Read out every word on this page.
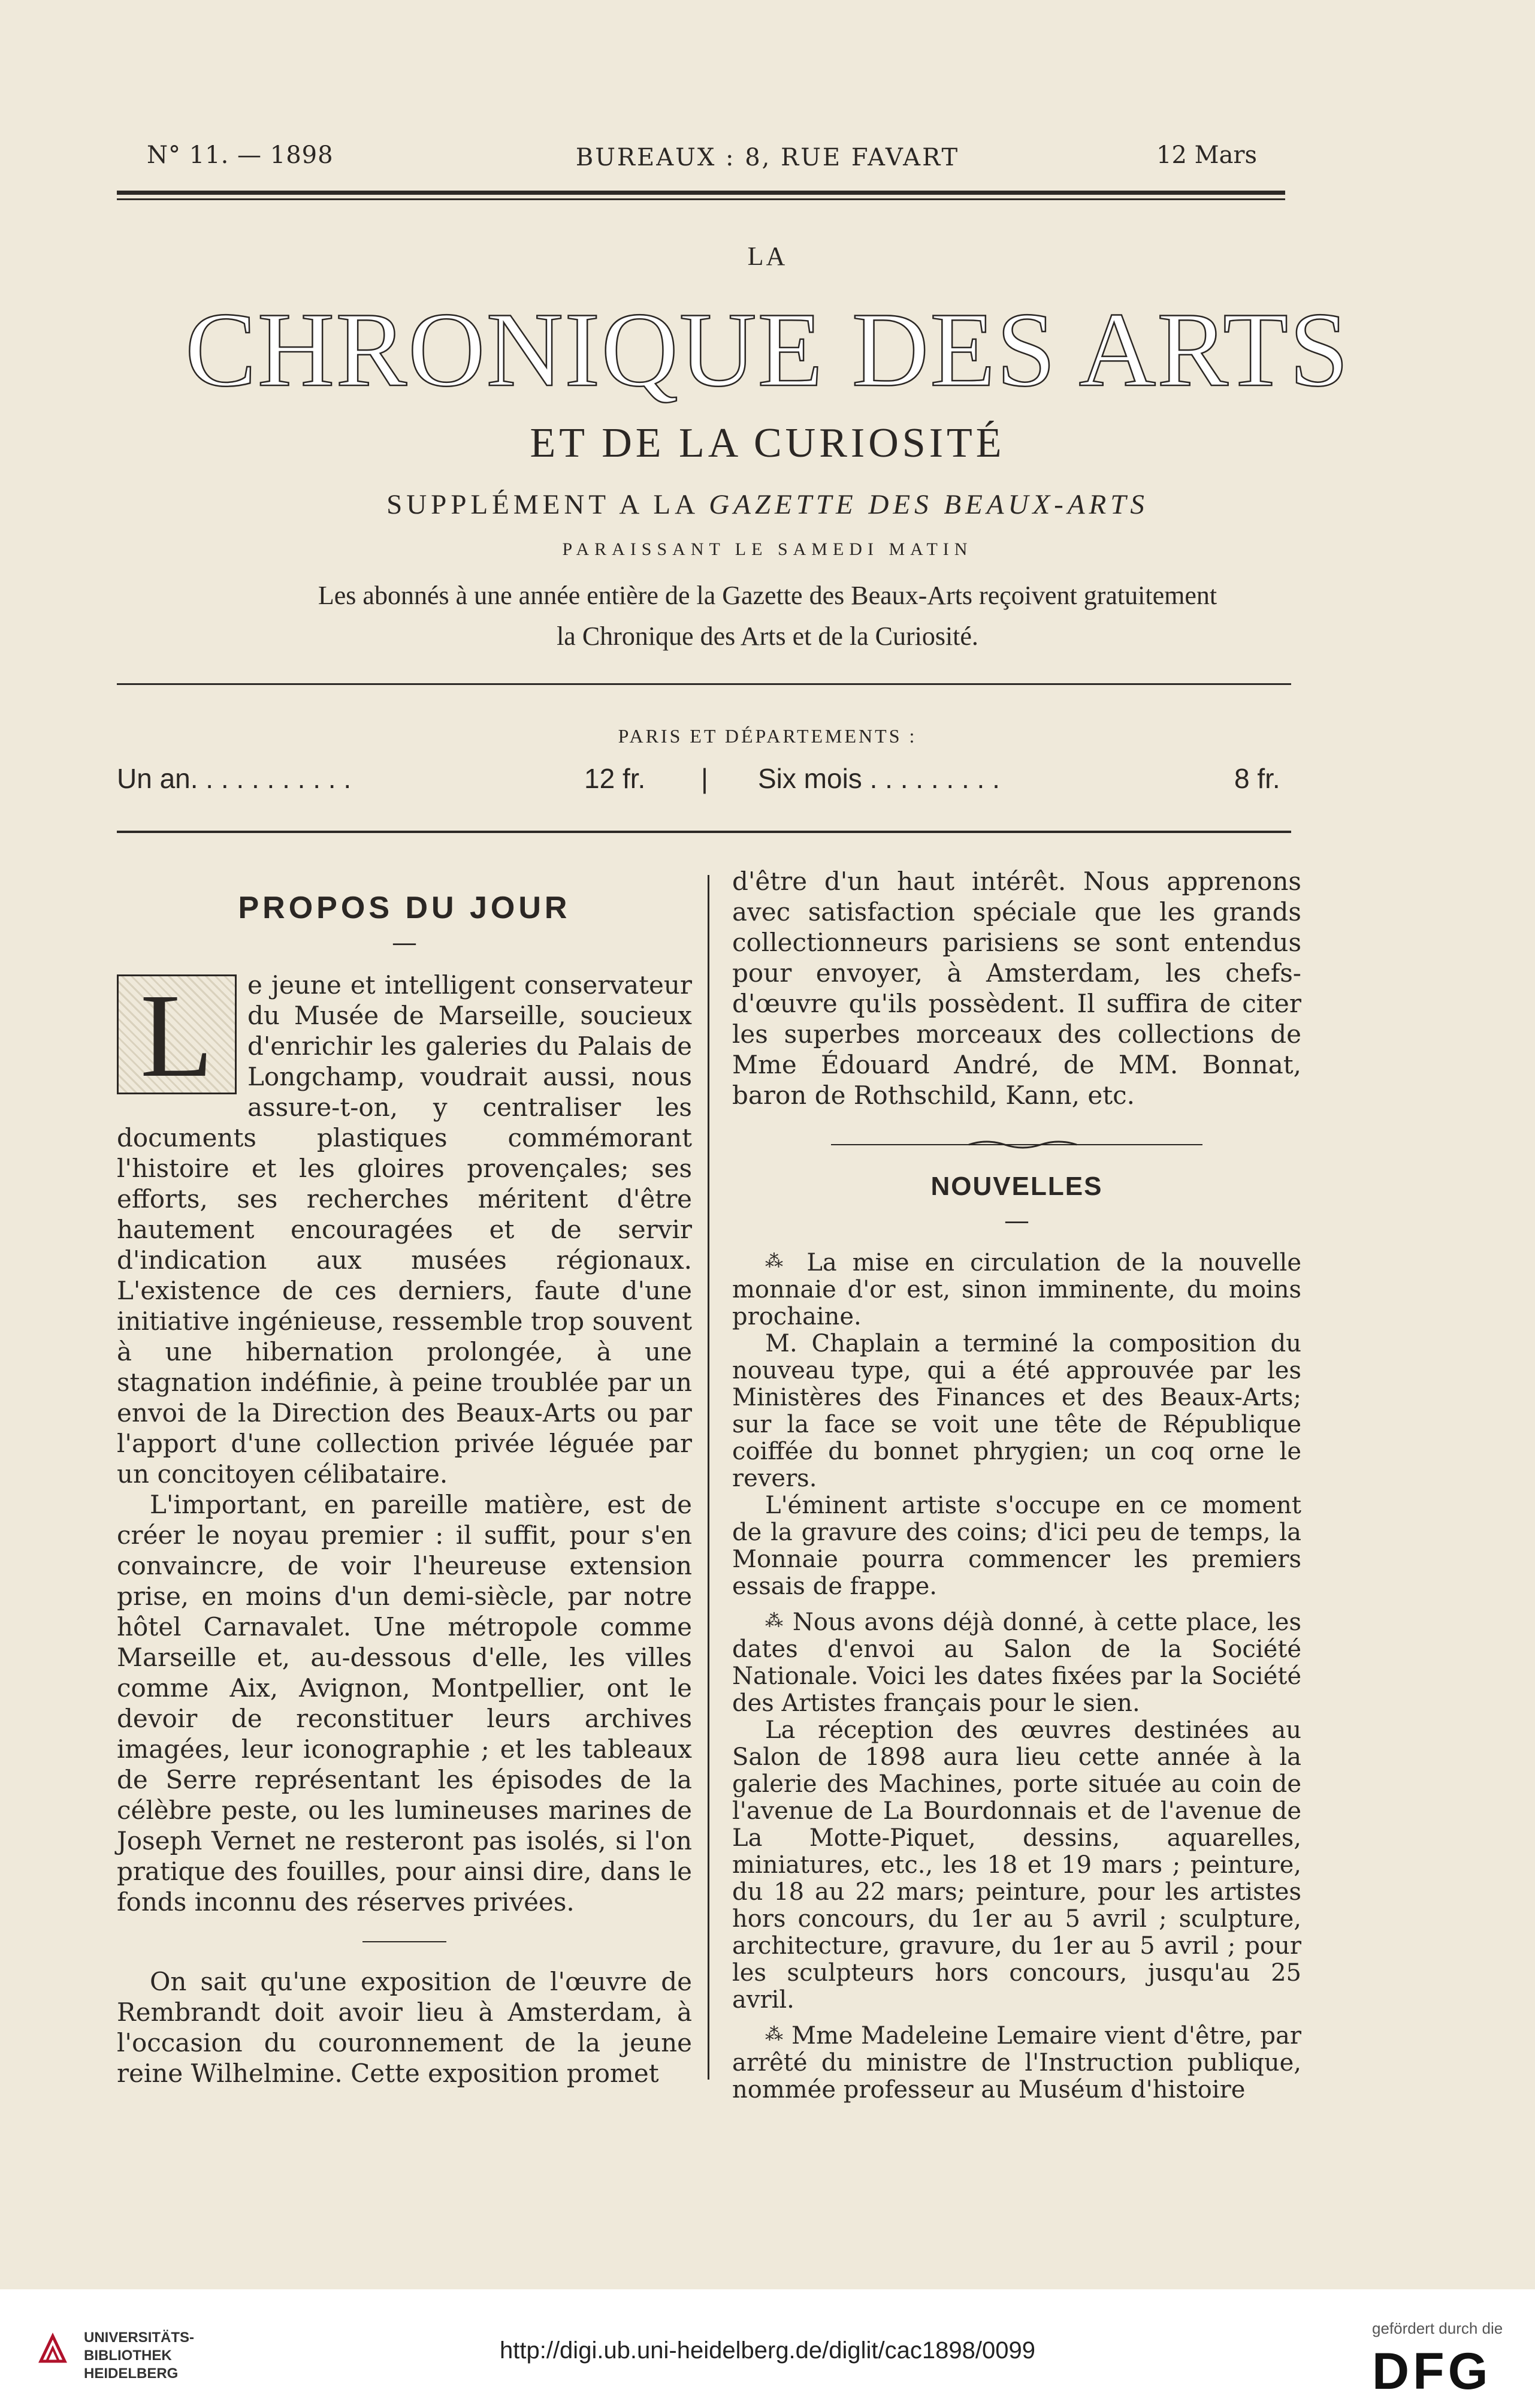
N° 11. — 1898	BUREAUX : 8, RUE FAVART	12 Mars
LA
CHRONIQUE DES ARTS
ET DE LA CURIOSITÉ
SUPPLÉMENT A LA GAZETTE DES BEAUX-ARTS
PARAISSANT LE SAMEDI MATIN
Les abonnés à une année entière de la Gazette des Beaux-Arts reçoivent gratuitement
la Chronique des Arts et de la Curiosité.
PARIS ET DÉPARTEMENTS :
Un an. . . . . . . . . . .	12 fr. | Six mois . . . . . . . . .	8 fr.
PROPOS DU JOUR
—
L	e jeune et intelligent conservateur du Musée de Marseille, soucieux d'enrichir les galeries du Palais de Longchamp, voudrait aussi, nous assure-t-on, y centraliser les documents plastiques commémorant l'histoire et les gloires provençales; ses efforts, ses recherches méritent d'être hautement encouragées et de servir d'indication aux musées régionaux. L'existence de ces derniers, faute d'une initiative ingénieuse, ressemble trop souvent à une hibernation prolongée, à une stagnation indéfinie, à peine troublée par un envoi de la Direction des Beaux-Arts ou par l'apport d'une collection privée léguée par un concitoyen célibataire.

L'important, en pareille matière, est de créer le noyau premier : il suffit, pour s'en convaincre, de voir l'heureuse extension prise, en moins d'un demi-siècle, par notre hôtel Carnavalet. Une métropole comme Marseille et, au-dessous d'elle, les villes comme Aix, Avignon, Montpellier, ont le devoir de reconstituer leurs archives imagées, leur iconographie ; et les tableaux de Serre représentant les épisodes de la célèbre peste, ou les lumineuses marines de Joseph Vernet ne resteront pas isolés, si l'on pratique des fouilles, pour ainsi dire, dans le fonds inconnu des réserves privées.

On sait qu'une exposition de l'œuvre de Rembrandt doit avoir lieu à Amsterdam, à l'occasion du couronnement de la jeune reine Wilhelmine. Cette exposition promet

d'être d'un haut intérêt. Nous apprenons avec satisfaction spéciale que les grands collectionneurs parisiens se sont entendus pour envoyer, à Amsterdam, les chefs-d'œuvre qu'ils possèdent. Il suffira de citer les superbes morceaux des collections de Mme Édouard André, de MM. Bonnat, baron de Rothschild, Kann, etc.

NOUVELLES
—

⁂ La mise en circulation de la nouvelle monnaie d'or est, sinon imminente, du moins prochaine.

M. Chaplain a terminé la composition du nouveau type, qui a été approuvée par les Ministères des Finances et des Beaux-Arts; sur la face se voit une tête de République coiffée du bonnet phrygien; un coq orne le revers.

L'éminent artiste s'occupe en ce moment de la gravure des coins; d'ici peu de temps, la Monnaie pourra commencer les premiers essais de frappe.

⁂ Nous avons déjà donné, à cette place, les dates d'envoi au Salon de la Société Nationale. Voici les dates fixées par la Société des Artistes français pour le sien.

La réception des œuvres destinées au Salon de 1898 aura lieu cette année à la galerie des Machines, porte située au coin de l'avenue de La Bourdonnais et de l'avenue de La Motte-Piquet, dessins, aquarelles, miniatures, etc., les 18 et 19 mars ; peinture, du 18 au 22 mars; peinture, pour les artistes hors concours, du 1er au 5 avril ; sculpture, architecture, gravure, du 1er au 5 avril ; pour les sculpteurs hors concours, jusqu'au 25 avril.

⁂ Mme Madeleine Lemaire vient d'être, par arrêté du ministre de l'Instruction publique, nommée professeur au Muséum d'histoire

UNIVERSITÄTS-
BIBLIOTHEK
HEIDELBERG
http://digi.ub.uni-heidelberg.de/diglit/cac1898/0099
gefördert durch die
DFG
